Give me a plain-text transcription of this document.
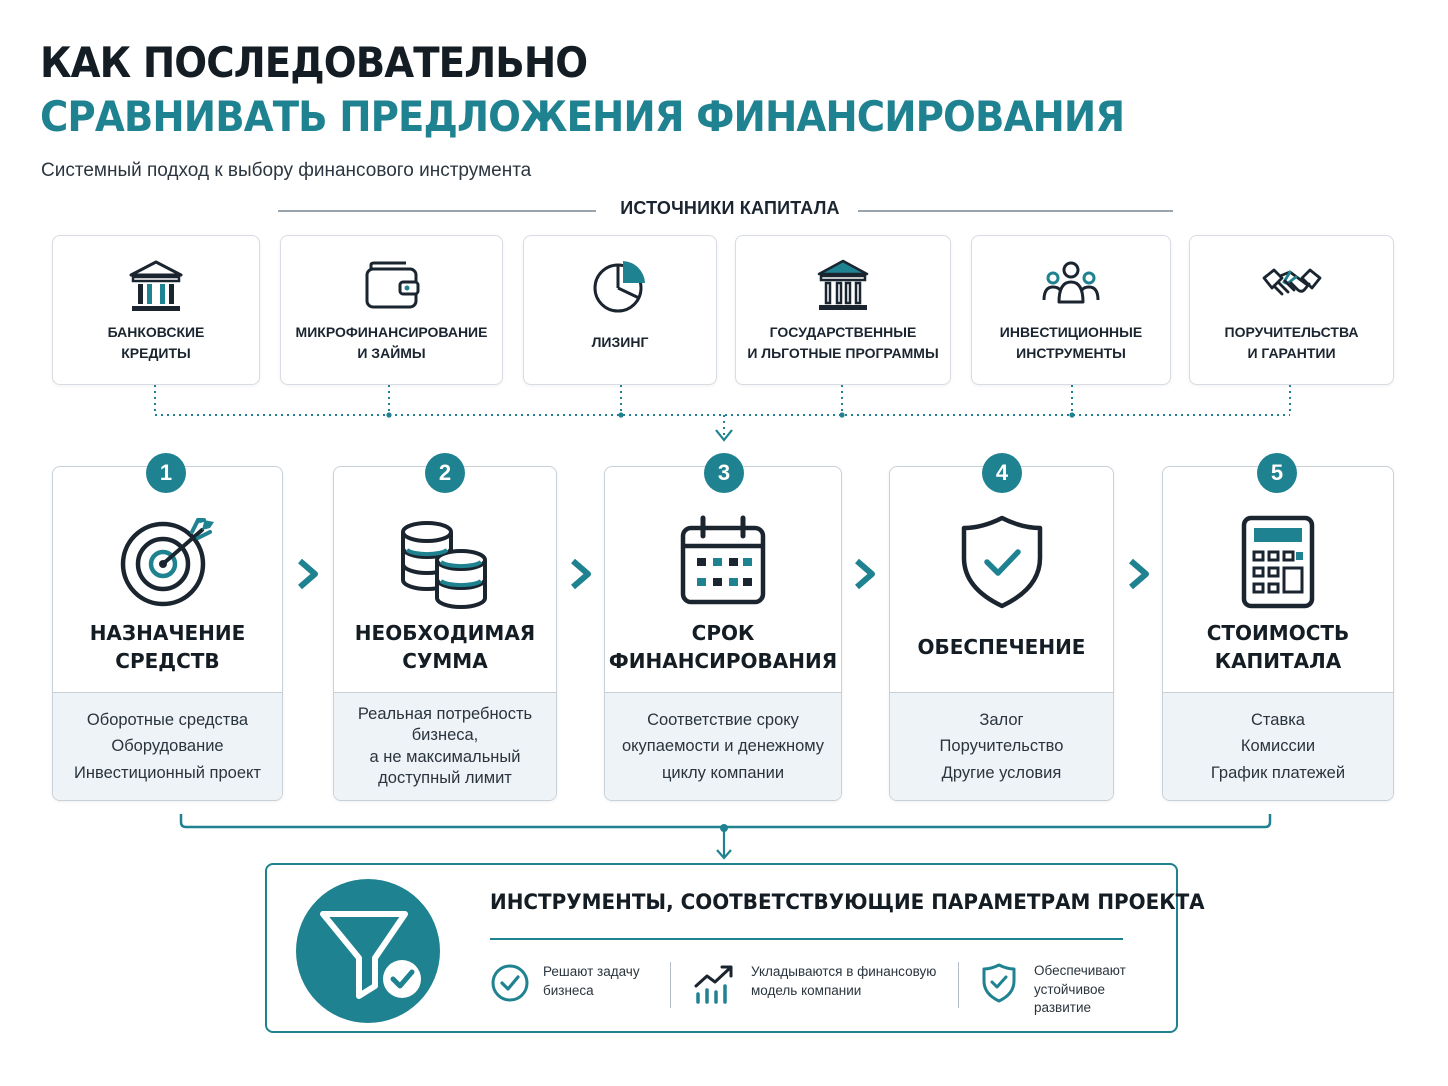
КАК ПОСЛЕДОВАТЕЛЬНО
СРАВНИВАТЬ ПРЕДЛОЖЕНИЯ ФИНАНСИРОВАНИЯ
Системный подход к выбору финансового инструмента
ИСТОЧНИКИ КАПИТАЛА
БАНКОВСКИЕ
КРЕДИТЫ
МИКРОФИНАНСИРОВАНИЕ
И ЗАЙМЫ
ЛИЗИНГ
ГОСУДАРСТВЕННЫЕ
И ЛЬГОТНЫЕ ПРОГРАММЫ
ИНВЕСТИЦИОННЫЕ
ИНСТРУМЕНТЫ
ПОРУЧИТЕЛЬСТВА
И ГАРАНТИИ
НАЗНАЧЕНИЕ
СРЕДСТВ
Оборотные средства
Оборудование
Инвестиционный проект
НЕОБХОДИМАЯ
СУММА
Реальная потребность
бизнеса,
а не максимальный
доступный лимит
СРОК
ФИНАНСИРОВАНИЯ
Соответствие сроку
окупаемости и денежному
циклу компании
ОБЕСПЕЧЕНИЕ
Залог
Поручительство
Другие условия
СТОИМОСТЬ
КАПИТАЛА
Ставка
Комиссии
График платежей
1	2	3	4	5
ИНСТРУМЕНТЫ, СООТВЕТСТВУЮЩИЕ ПАРАМЕТРАМ ПРОЕКТА
Решают задачу
бизнеса
Укладываются в финансовую
модель компании
Обеспечивают
устойчивое
развитие
